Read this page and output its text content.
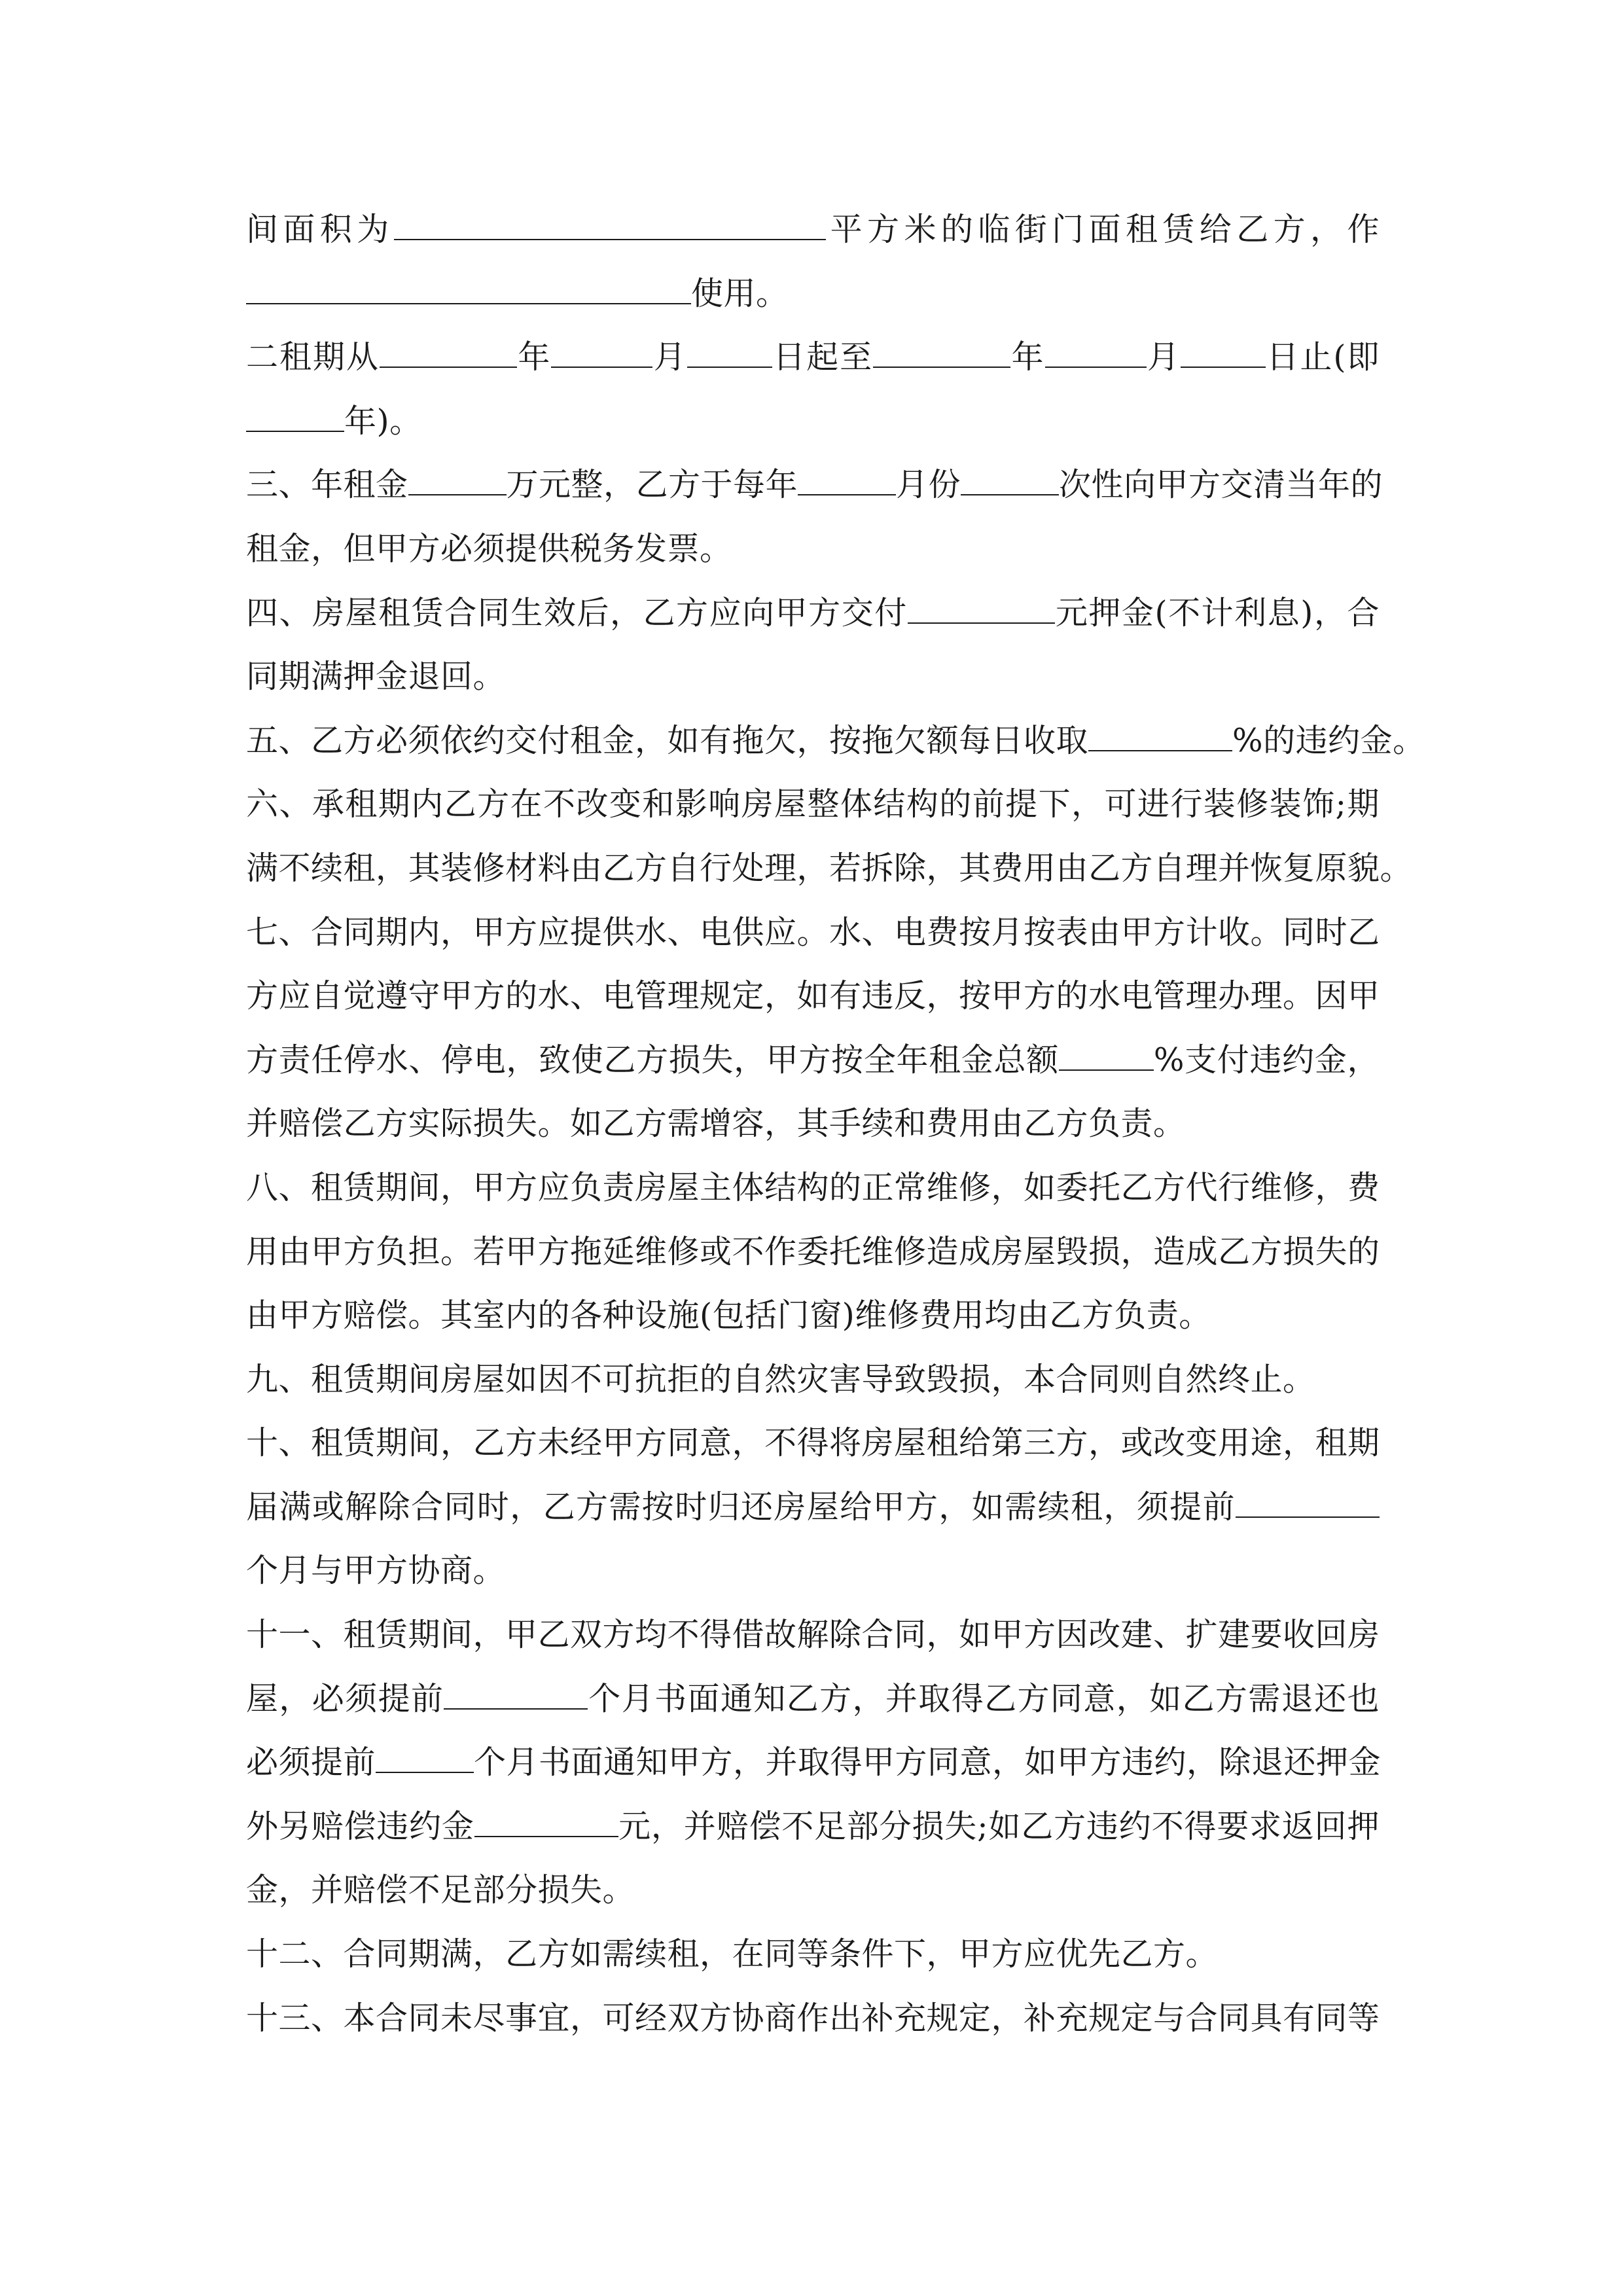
间面积为	平方米的临街门面租赁给乙方，作
使用。
二租期从	年	月	日起至	年	月	日止(即
年)。
三、年租金	万元整，乙方于每年	月份	次性向甲方交清当年的
租金，但甲方必须提供税务发票。
四、房屋租赁合同生效后，乙方应向甲方交付	元押金(不计利息)，合
同期满押金退回。
五、乙方必须依约交付租金，如有拖欠，按拖欠额每日收取	%的违约金。
六、承租期内乙方在不改变和影响房屋整体结构的前提下，可进行装修装饰;期
满不续租，其装修材料由乙方自行处理，若拆除，其费用由乙方自理并恢复原貌。
七、合同期内，甲方应提供水、电供应。水、电费按月按表由甲方计收。同时乙
方应自觉遵守甲方的水、电管理规定，如有违反，按甲方的水电管理办理。因甲
方责任停水、停电，致使乙方损失，甲方按全年租金总额	%支付违约金，
并赔偿乙方实际损失。如乙方需增容，其手续和费用由乙方负责。
八、租赁期间，甲方应负责房屋主体结构的正常维修，如委托乙方代行维修，费
用由甲方负担。若甲方拖延维修或不作委托维修造成房屋毁损，造成乙方损失的
由甲方赔偿。其室内的各种设施(包括门窗)维修费用均由乙方负责。
九、租赁期间房屋如因不可抗拒的自然灾害导致毁损，本合同则自然终止。
十、租赁期间，乙方未经甲方同意，不得将房屋租给第三方，或改变用途，租期
届满或解除合同时，乙方需按时归还房屋给甲方，如需续租，须提前
个月与甲方协商。
十一、租赁期间，甲乙双方均不得借故解除合同，如甲方因改建、扩建要收回房
屋，必须提前	个月书面通知乙方，并取得乙方同意，如乙方需退还也
必须提前	个月书面通知甲方，并取得甲方同意，如甲方违约，除退还押金
外另赔偿违约金	元，并赔偿不足部分损失;如乙方违约不得要求返回押
金，并赔偿不足部分损失。
十二、合同期满，乙方如需续租，在同等条件下，甲方应优先乙方。
十三、本合同未尽事宜，可经双方协商作出补充规定，补充规定与合同具有同等
